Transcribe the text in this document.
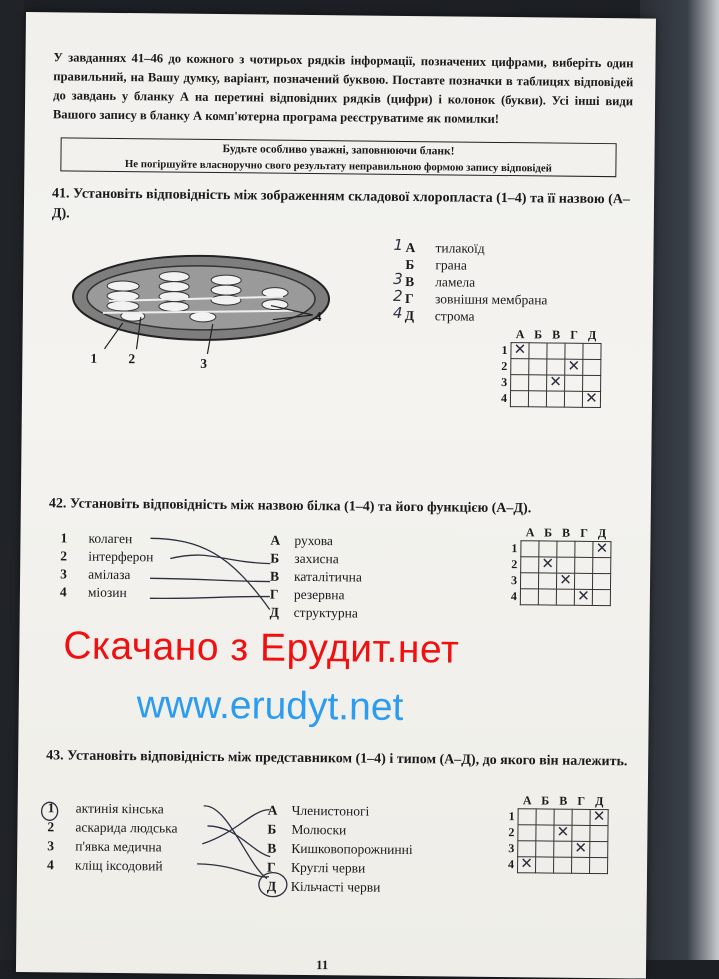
У завданнях 41–46 до кожного з чотирьох рядків інформації, позначених цифрами, виберіть один правильний, на Вашу думку, варіант, позначений буквою. Поставте позначки в таблицях відповідей до завдань у бланку А на перетині відповідних рядків (цифри) і колонок (букви). Усі інші види Вашого запису в бланку А комп'ютерна програма реєструватиме як помилки!
Будьте особливо уважні, заповнюючи бланк!
Не погіршуйте власноручно свого результату неправильною формою запису відповідей
41. Установіть відповідність між зображенням складової хлоропласта (1–4) та її назвою (А–Д).
1 2	3
4
1 А тилакоїд
Б грана
3 В ламела
2 Г зовнішня мембрана
4 Д строма
	А	Б	В	Г	Д
1	✕				
2				✕	
3			✕		
4					✕
42. Установіть відповідність між назвою білка (1–4) та його функцією (А–Д).
1 колаген
2 інтерферон
3 амілаза
4 міозин
А рухова
Б захисна
В каталітична
Г резервна
Д структурна
	А	Б	В	Г	Д
1					✕
2		✕			
3			✕		
4				✕	
43. Установіть відповідність між представником (1–4) і типом (А–Д), до якого він належить.
1 актинія кінська
2 аскарида людська
3 п'явка медична
4 кліщ іксодовий
А Членистоногі
Б Молюски
В Кишковопорожнинні
Г Круглі черви
Д Кільчасті черви
	А	Б	В	Г	Д
1					✕
2			✕		
3				✕	
4	✕				
Скачано з Ерудит.нет
www.erudyt.net
11
